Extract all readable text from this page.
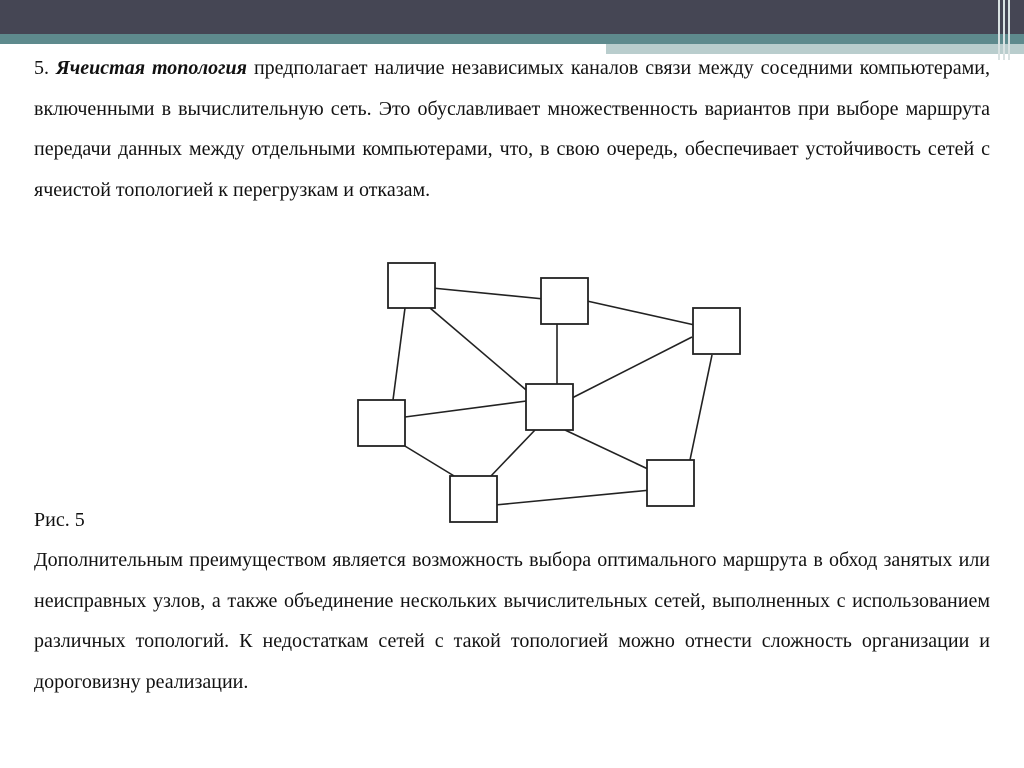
5. Ячеистая топология предполагает наличие независимых каналов связи между соседними компьютерами, включенными в вычислительную сеть. Это обуславливает множественность вариантов при выборе маршрута передачи данных между отдельными компьютерами, что, в свою очередь, обеспечивает устойчивость сетей с ячеистой топологией к перегрузкам и отказам.
Рис. 5
Дополнительным преимуществом является возможность выбора оптимального маршрута в обход занятых или неисправных узлов, а также объединение нескольких вычислительных сетей, выполненных с использованием различных топологий. К недостаткам сетей с такой топологией можно отнести сложность организации и дороговизну реализации.
